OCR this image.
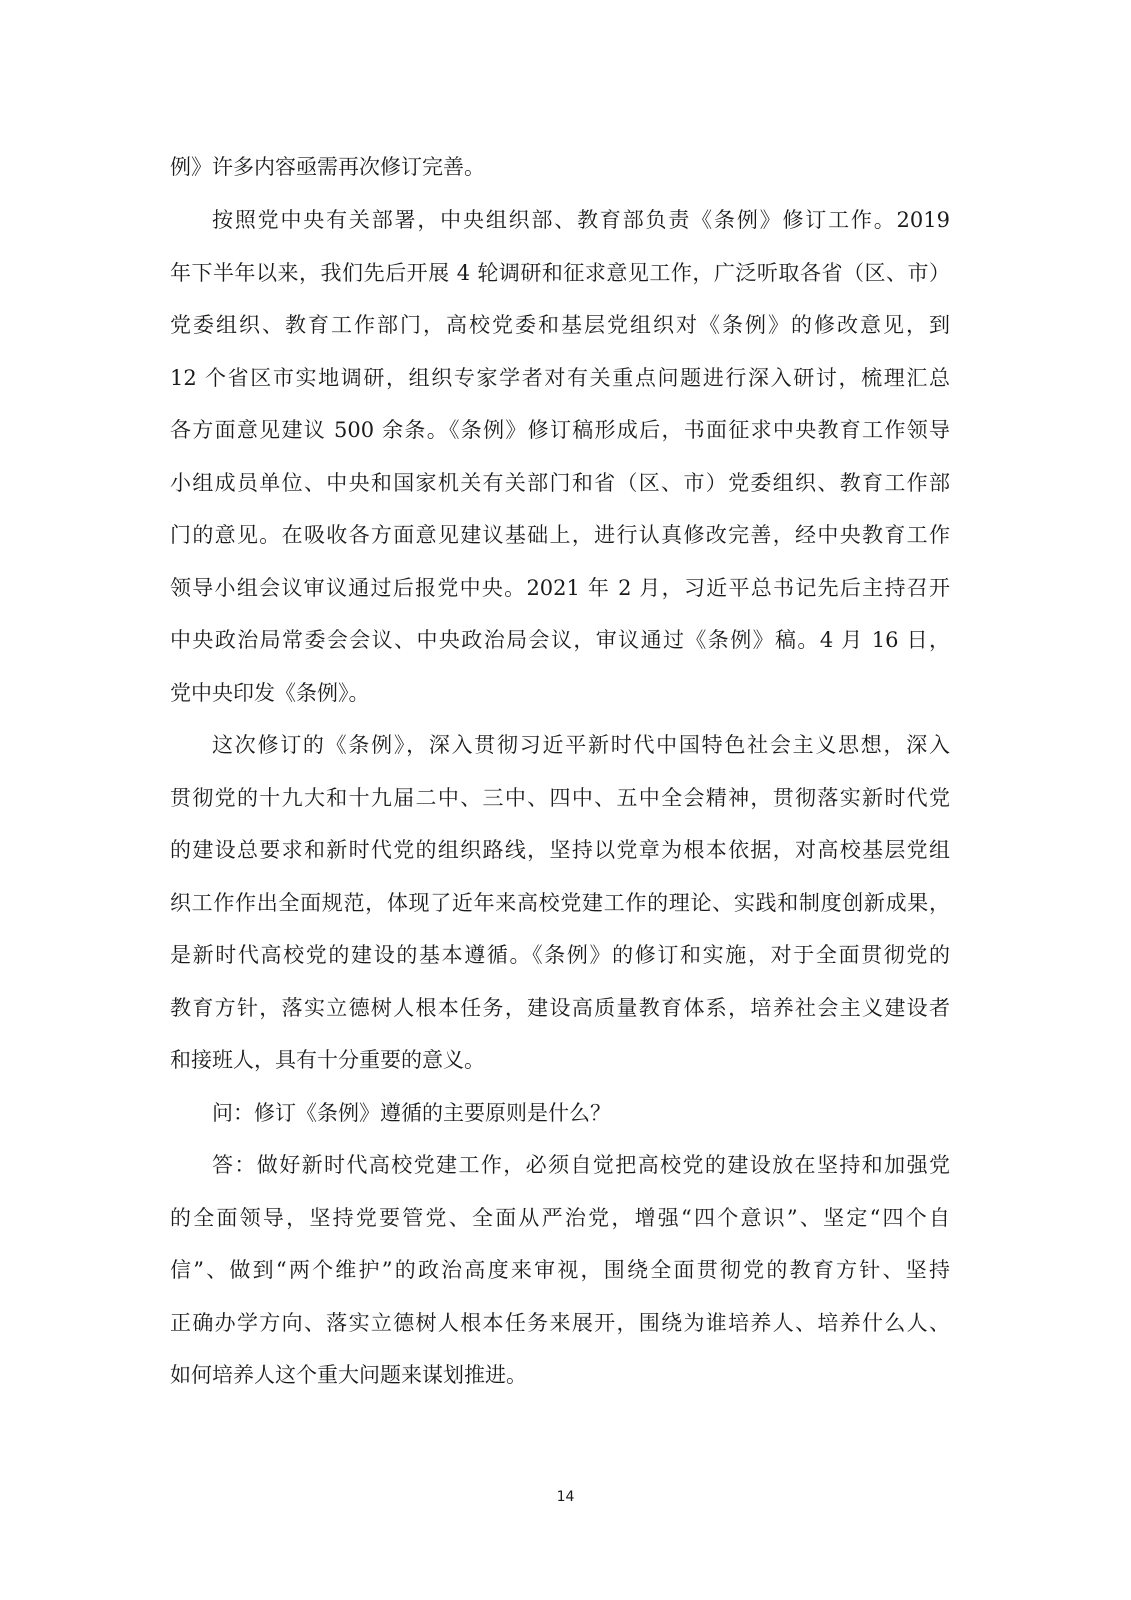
例》许多内容亟需再次修订完善。
按照党中央有关部署，中央组织部、教育部负责《条例》修订工作。2019
年下半年以来，我们先后开展 4 轮调研和征求意见工作，广泛听取各省（区、市）
党委组织、教育工作部门，高校党委和基层党组织对《条例》的修改意见，到
12 个省区市实地调研，组织专家学者对有关重点问题进行深入研讨，梳理汇总
各方面意见建议 500 余条。《条例》修订稿形成后，书面征求中央教育工作领导
小组成员单位、中央和国家机关有关部门和省（区、市）党委组织、教育工作部
门的意见。在吸收各方面意见建议基础上，进行认真修改完善，经中央教育工作
领导小组会议审议通过后报党中央。2021 年 2 月，习近平总书记先后主持召开
中央政治局常委会会议、中央政治局会议，审议通过《条例》稿。4 月 16 日，
党中央印发《条例》。
这次修订的《条例》，深入贯彻习近平新时代中国特色社会主义思想，深入
贯彻党的十九大和十九届二中、三中、四中、五中全会精神，贯彻落实新时代党
的建设总要求和新时代党的组织路线，坚持以党章为根本依据，对高校基层党组
织工作作出全面规范，体现了近年来高校党建工作的理论、实践和制度创新成果，
是新时代高校党的建设的基本遵循。《条例》的修订和实施，对于全面贯彻党的
教育方针，落实立德树人根本任务，建设高质量教育体系，培养社会主义建设者
和接班人，具有十分重要的意义。
问：修订《条例》遵循的主要原则是什么？
答：做好新时代高校党建工作，必须自觉把高校党的建设放在坚持和加强党
的全面领导，坚持党要管党、全面从严治党，增强“四个意识”、坚定“四个自
信”、做到“两个维护”的政治高度来审视，围绕全面贯彻党的教育方针、坚持
正确办学方向、落实立德树人根本任务来展开，围绕为谁培养人、培养什么人、
如何培养人这个重大问题来谋划推进。
14
